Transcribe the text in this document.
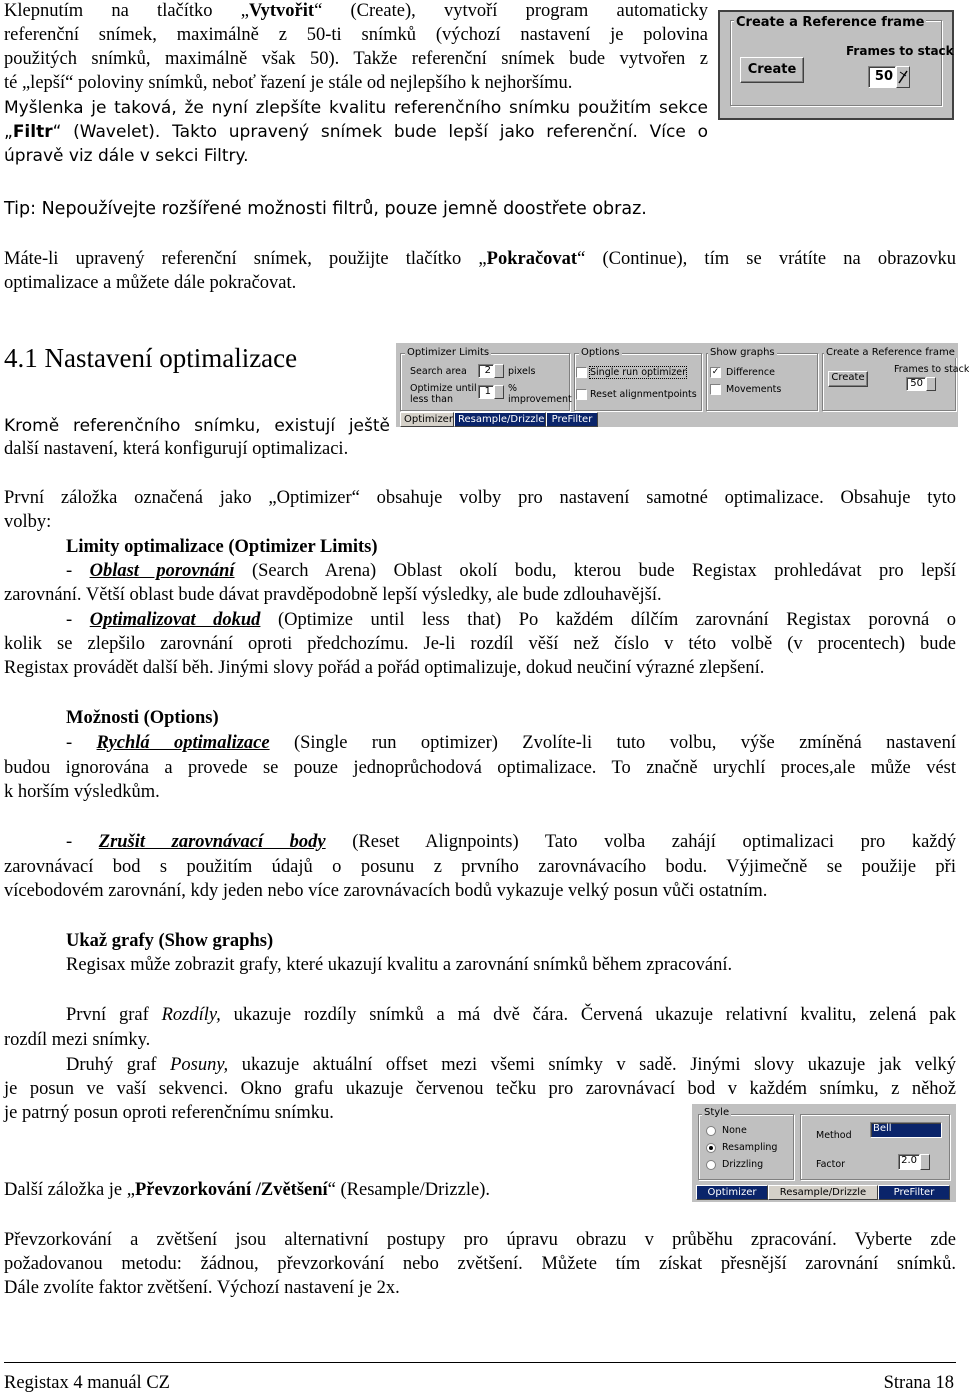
Klepnutím na tlačítko „Vytvořit“ (Create), vytvoří program automaticky
referenční snímek, maximálně z 50-ti snímků (výchozí nastavení je polovina
použitých snímků, maximálně však 50). Takže referenční snímek bude vytvořen z
té „lepší“ poloviny snímků, neboť řazení je stále od nejlepšího k nejhoršímu.
Myšlenka je taková, že nyní zlepšíte kvalitu referenčního snímku použitím sekce
„Filtr“ (Wavelet). Takto upravený snímek bude lepší jako referenční. Více o
úpravě viz dále v sekci Filtry.
Create a Reference frame
Frames to stack
Create	50
Tip: Nepoužívejte rozšířené možnosti filtrů, pouze jemně doostřete obraz.
Máte-li upravený referenční snímek, použijte tlačítko „Pokračovat“ (Continue), tím se vrátíte na obrazovku
optimalizace a můžete dále pokračovat.
4.1 Nastavení optimalizace
Kromě referenčního snímku, existují ještě
další nastavení, která konfigurují optimalizaci.
Optimizer Limits
Search area	2	pixels
Optimize until
less than
1	% improvement
Options
Single run optimizer
Reset alignmentpoints
Show graphs
✓ Difference
Movements
Create a Reference frame
Frames to stack
Create
50
Optimizer Resample/Drizzle PreFilter
První záložka označená jako „Optimizer“ obsahuje volby pro nastavení samotné optimalizace. Obsahuje tyto
volby:
Limity optimalizace (Optimizer Limits)
- Oblast porovnání (Search Arena) Oblast okolí bodu, kterou bude Registax prohledávat pro lepší
zarovnání. Větší oblast bude dávat pravděpodobně lepší výsledky, ale bude zdlouhavější.
- Optimalizovat dokud (Optimize until less that) Po každém dílčím zarovnání Registax porovná o
kolik se zlepšilo zarovnání oproti předchozímu. Je-li rozdíl věší než číslo v této volbě (v procentech) bude
Registax provádět další běh. Jinými slovy pořád a pořád optimalizuje, dokud neučiní výrazné zlepšení.
Možnosti (Options)
- Rychlá optimalizace (Single run optimizer) Zvolíte-li tuto volbu, výše zmíněná nastavení
budou ignorována a provede se pouze jednoprůchodová optimalizace. To značně urychlí proces,ale může vést
k horším výsledkům.
- Zrušit zarovnávací body (Reset Alignpoints) Tato volba zahájí optimalizaci pro každý
zarovnávací bod s použitím údajů o posunu z prvního zarovnávacího bodu. Výjimečně se použije při
vícebodovém zarovnání, kdy jeden nebo více zarovnávacích bodů vykazuje velký posun vůči ostatním.
Ukaž grafy (Show graphs)
Regisax může zobrazit grafy, které ukazují kvalitu a zarovnání snímků během zpracování.
První graf Rozdíly, ukazuje rozdíly snímků a má dvě čára. Červená ukazuje relativní kvalitu, zelená pak
rozdíl mezi snímky.
Druhý graf Posuny, ukazuje aktuální offset mezi všemi snímky v sadě. Jinými slovy ukazuje jak velký
je posun ve vaší sekvenci. Okno grafu ukazuje červenou tečku pro zarovnávací bod v každém snímku, z něhož
je patrný posun oproti referenčnímu snímku.	Style
None
Resampling
Drizzling
Method
Bell
Factor	2.0
Optimizer	Resample/Drizzle	PreFilter
Další záložka je „Převzorkování /Zvětšení“ (Resample/Drizzle).
Převzorkování a zvětšení jsou alternativní postupy pro úpravu obrazu v průběhu zpracování. Vyberte zde
požadovanou metodu: žádnou, převzorkování nebo zvětšení. Můžete tím získat přesnější zarovnání snímků.
Dále zvolíte faktor zvětšení. Výchozí nastavení je 2x.
Registax 4 manuál CZ	Strana 18
